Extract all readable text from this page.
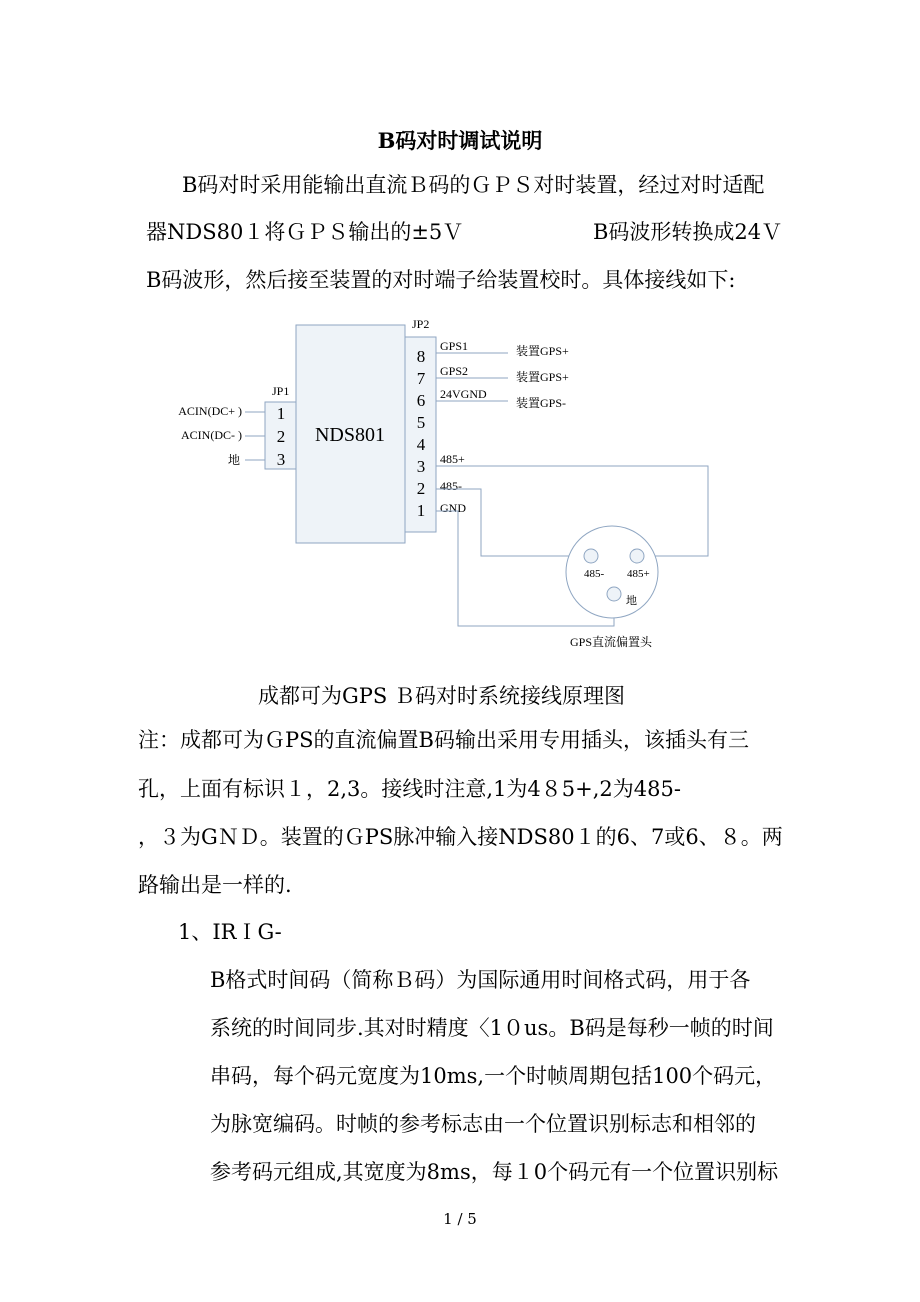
B码对时调试说明
B码对时采用能输出直流Ｂ码的ＧＰＳ对时装置，经过对时适配
器NDS80１将ＧＰＳ输出的±5Ｖ	B码波形转换成24Ｖ
B码波形，然后接至装置的对时端子给装置校时。具体接线如下:
NDS801
JP1
1
2
3
ACIN(DC+ )
ACIN(DC- )
地
JP2
8
7
6
5
4
3
2
1
GPS1
GPS2
24VGND
485+
485-
GND
装置GPS+
装置GPS+
装置GPS-
485- 485+
地
GPS直流偏置头
成都可为GPS Ｂ码对时系统接线原理图
注：成都可为ＧPS的直流偏置B码输出采用专用插头，该插头有三
孔，上面有标识１，2,3。接线时注意,1为4８5+,2为485-
，３为GＮＤ。装置的ＧPS脉冲输入接NDS80１的6、7或6、８。两
路输出是一样的.
1、IRＩG-
B格式时间码（简称Ｂ码）为国际通用时间格式码，用于各
系统的时间同步.其对时精度〈1０us。B码是每秒一帧的时间
串码，每个码元宽度为10ms,一个时帧周期包括100个码元，
为脉宽编码。时帧的参考标志由一个位置识别标志和相邻的
参考码元组成,其宽度为8ms，每１0个码元有一个位置识别标
1 / 5
